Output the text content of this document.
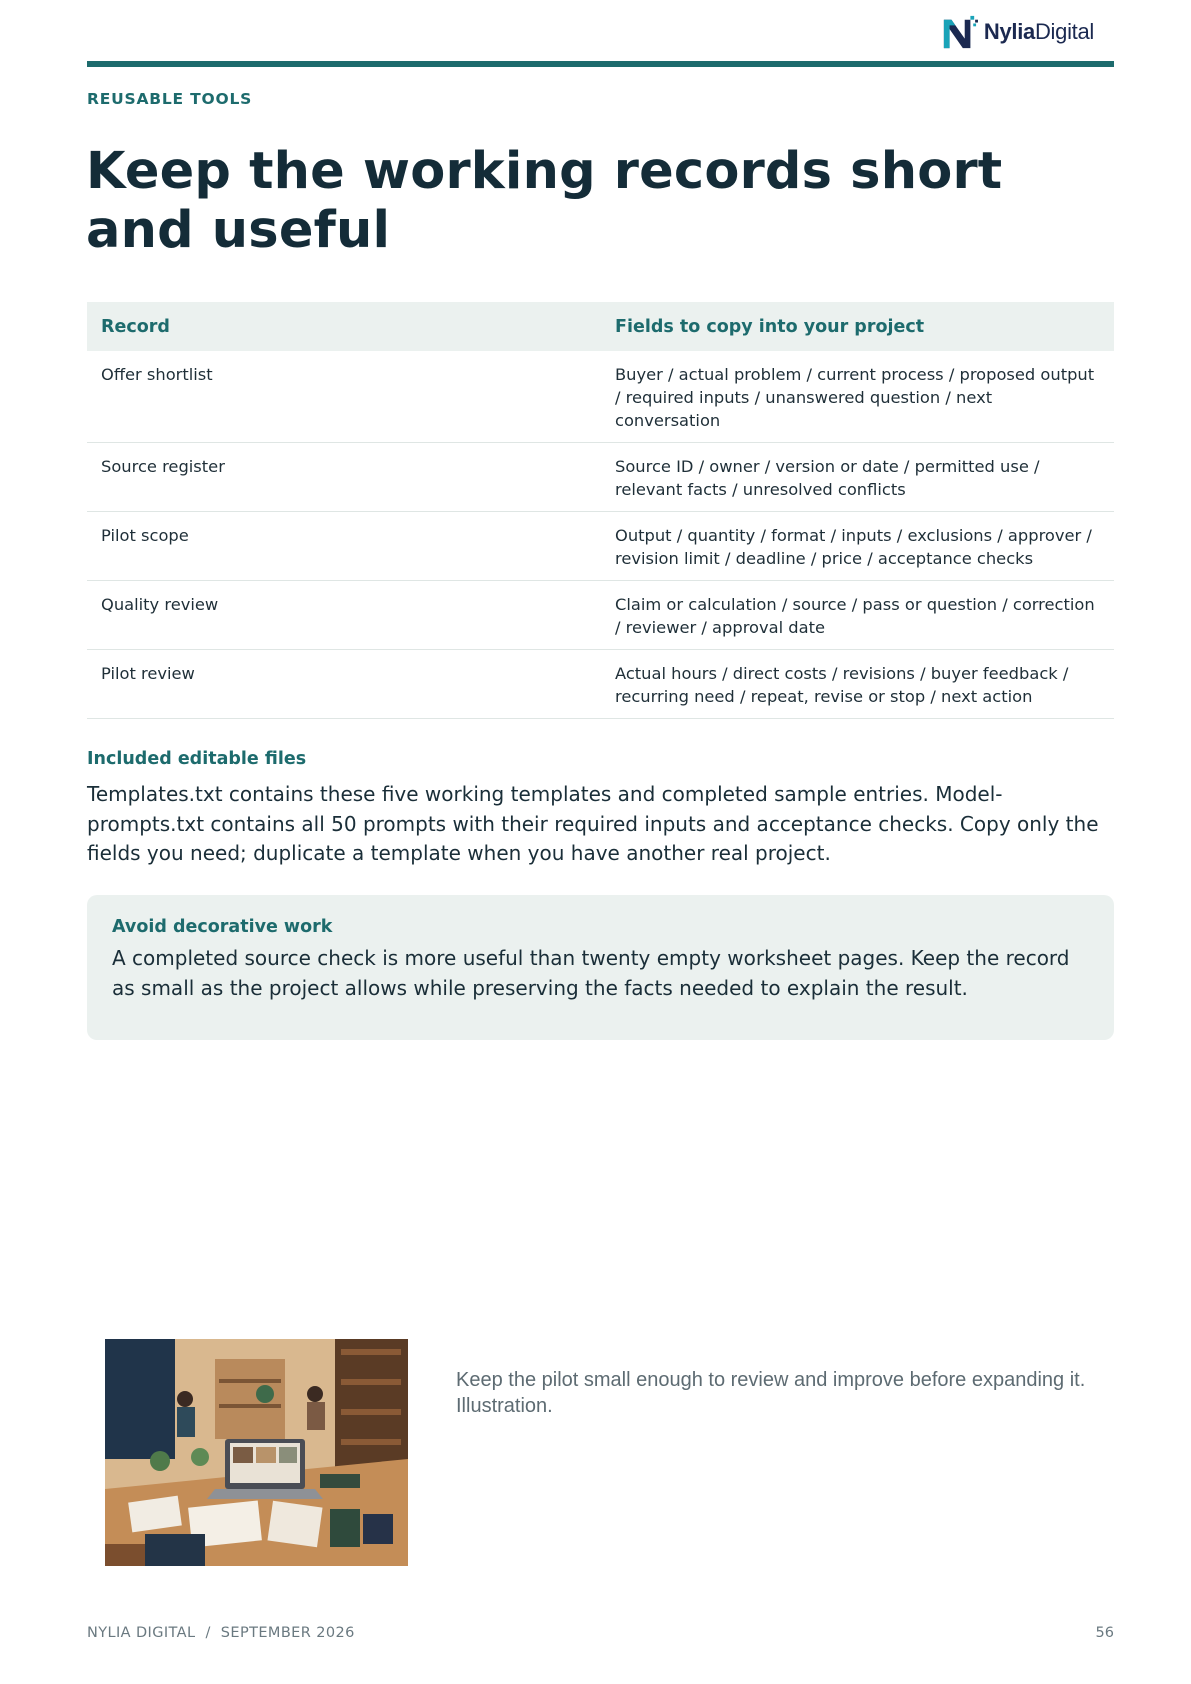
NyliaDigital
REUSABLE TOOLS
Keep the working records short and useful
Record	Fields to copy into your project
Offer shortlist	Buyer / actual problem / current process / proposed output / required inputs / unanswered question / next conversation
Source register	Source ID / owner / version or date / permitted use / relevant facts / unresolved conflicts
Pilot scope	Output / quantity / format / inputs / exclusions / approver / revision limit / deadline / price / acceptance checks
Quality review	Claim or calculation / source / pass or question / correction / reviewer / approval date
Pilot review	Actual hours / direct costs / revisions / buyer feedback / recurring need / repeat, revise or stop / next action
Included editable files

Templates.txt contains these five working templates and completed sample entries. Model-prompts.txt contains all 50 prompts with their required inputs and acceptance checks. Copy only the fields you need; duplicate a template when you have another real project.

Avoid decorative work
A completed source check is more useful than twenty empty worksheet pages. Keep the record as small as the project allows while preserving the facts needed to explain the result.
Keep the pilot small enough to review and improve before expanding it. Illustration.
NYLIA DIGITAL  /  SEPTEMBER 2026	56
